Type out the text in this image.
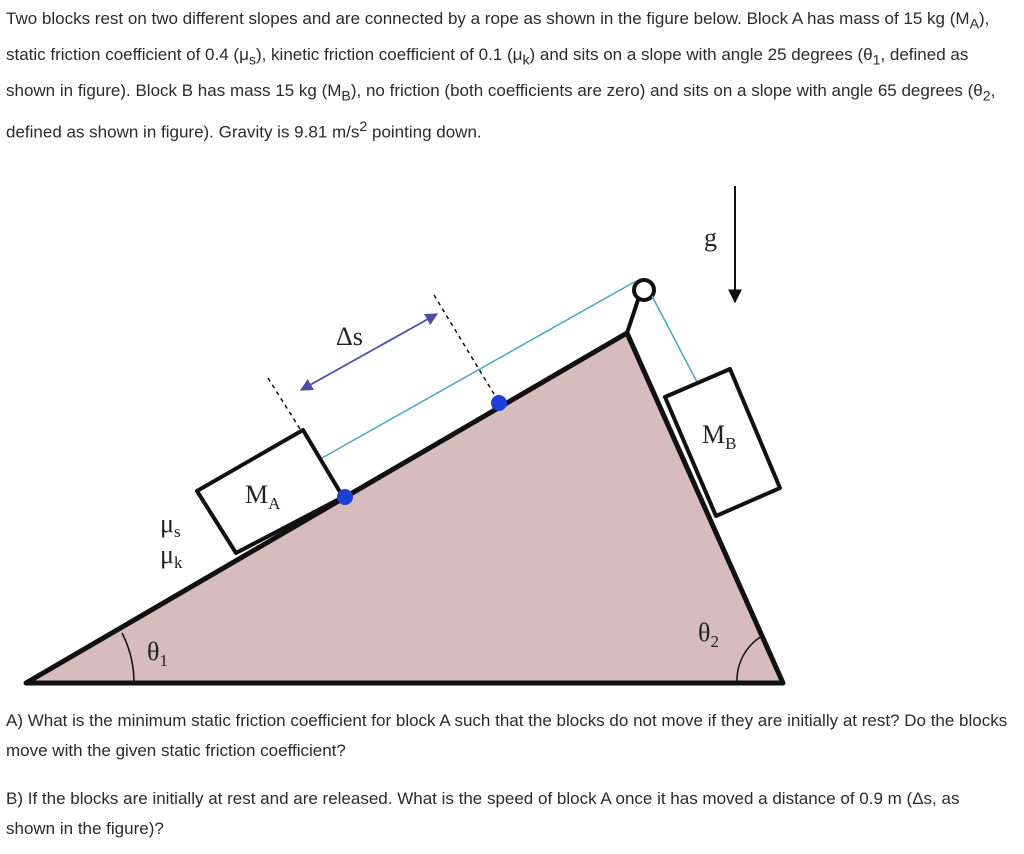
Two blocks rest on two different slopes and are connected by a rope as shown in the figure below. Block A has mass of 15 kg $(M_A)$, static friction coefficient of 0.4 $(\mu_s)$, kinetic friction coefficient of 0.1 $(\mu_k)$ and sits on a slope with angle 25 degrees ($\theta_1$, defined as shown in figure). Block B has mass 15 kg $(M_B)$, no friction (both coefficients are zero) and sits on a slope with angle 65 degrees ($\theta_2$, defined as shown in figure). Gravity is 9.81 $m/s^2$ pointing down.

$M_A$
$M_B$
Δs
g
μs
μk
$\theta_1$
$\theta_2$

A) What is the minimum static friction coefficient for block A such that the blocks do not move if they are initially at rest? Do the blocks move with the given static friction coefficient?

B) If the blocks are initially at rest and are released. What is the speed of block A once it has moved a distance of 0.9 m (Δs, as shown in the figure)?
